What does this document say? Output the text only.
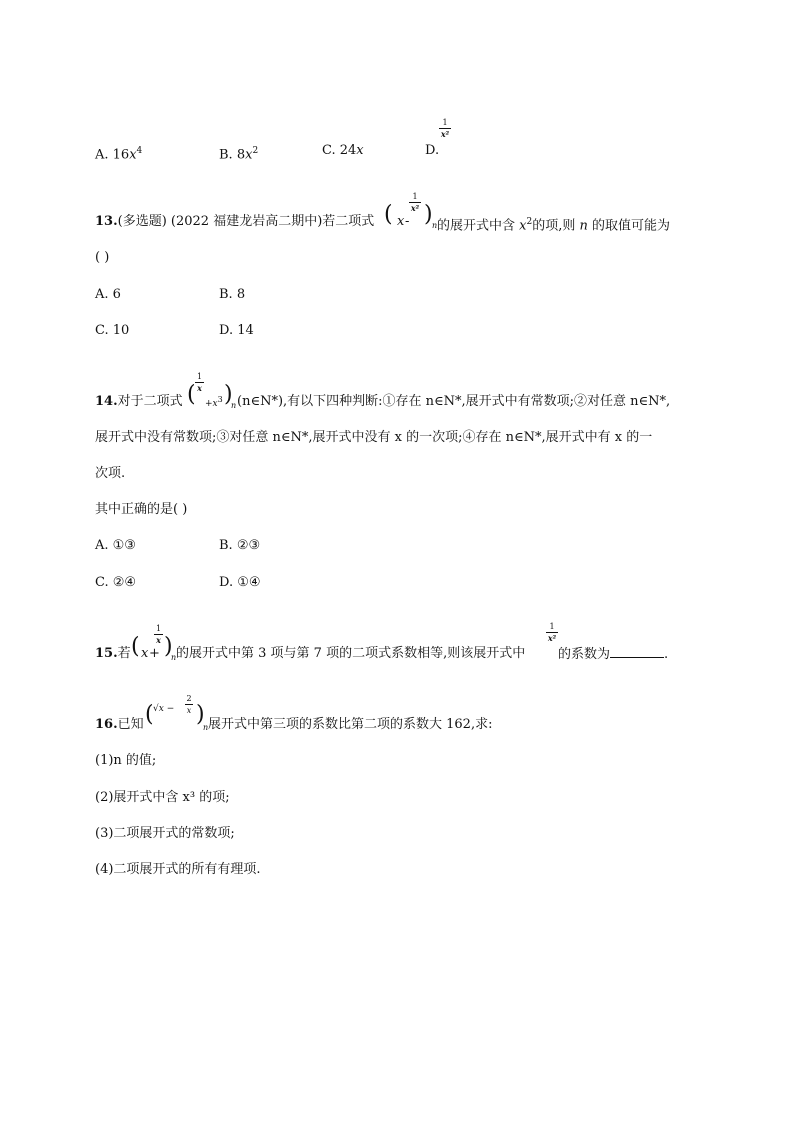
A. $16x^4$	B. $8x^2$	C. 24x	D.
1
x²
13.(多选题) (2022 福建龙岩高二期中)若二项式 ( x -
1
x² ) n 的展开式中含 $x^2$的项,则 n 的取值可能为
( )
A. 6	B. 8
C. 10	D. 14
14.对于二项式 (
1
x
$+x^3$ )
n (n∈N*),有以下四种判断:①存在 n∈N*,展开式中有常数项;②对任意 n∈N*,
展开式中没有常数项;③对任意 n∈N*,展开式中没有 x 的一次项;④存在 n∈N*,展开式中有 x 的一
次项.
其中正确的是( )
A. ①③	B. ②③
C. ②④	D. ①④
15.若 ( x +
1
x )
n 的展开式中第 3 项与第 7 项的二项式系数相等,则该展开式中
1
x²
的系数为	.
16.已知 ( √x −
2
x )
n 展开式中第三项的系数比第二项的系数大 162,求:
(1)n 的值;
(2)展开式中含 x³ 的项;
(3)二项展开式的常数项;
(4)二项展开式的所有有理项.
